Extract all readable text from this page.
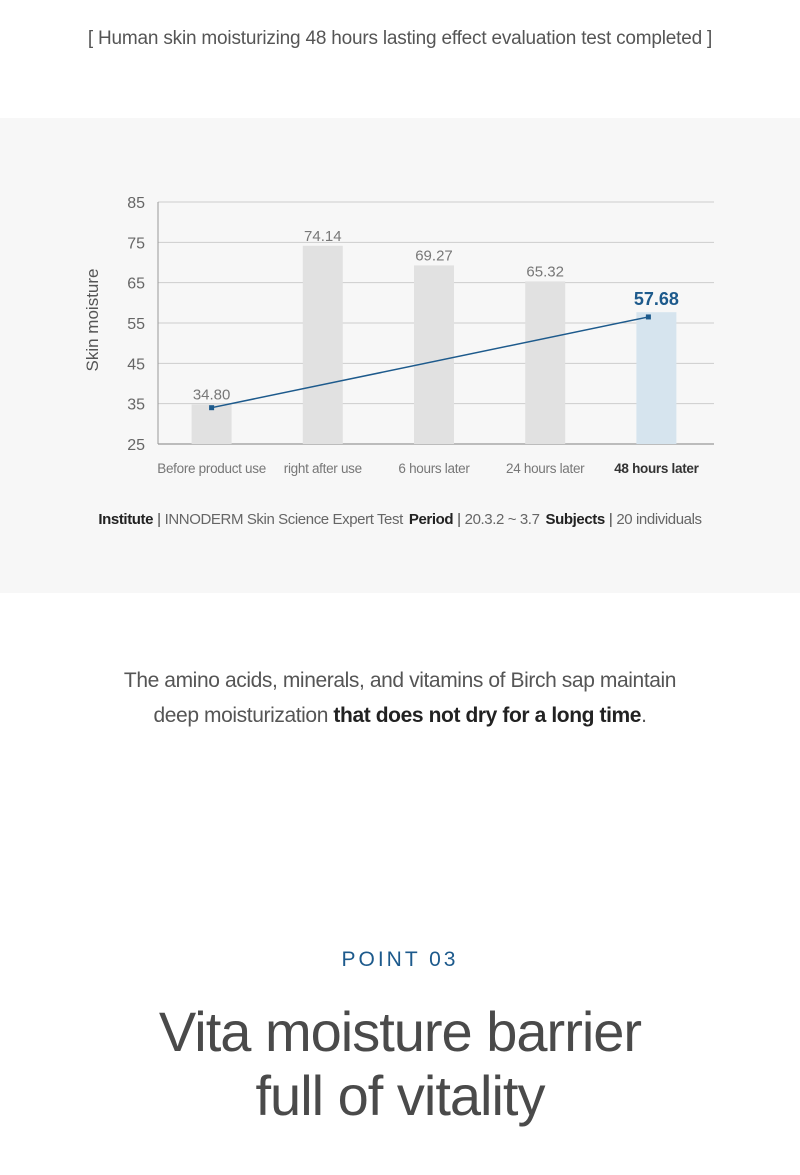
[ Human skin moisturizing 48 hours lasting effect evaluation test completed ]
85
75
65
55
45
35
25
Skin moisture
34.80
Before product use
74.14
right after use
69.27
6 hours later
65.32
24 hours later
57.68
48 hours later
Institute | INNODERM Skin Science Expert Test Period | 20.3.2 ~ 3.7 Subjects | 20 individuals
The amino acids, minerals, and vitamins of Birch sap maintain
deep moisturization that does not dry for a long time.
POINT 03
Vita moisture barrier
full of vitality
